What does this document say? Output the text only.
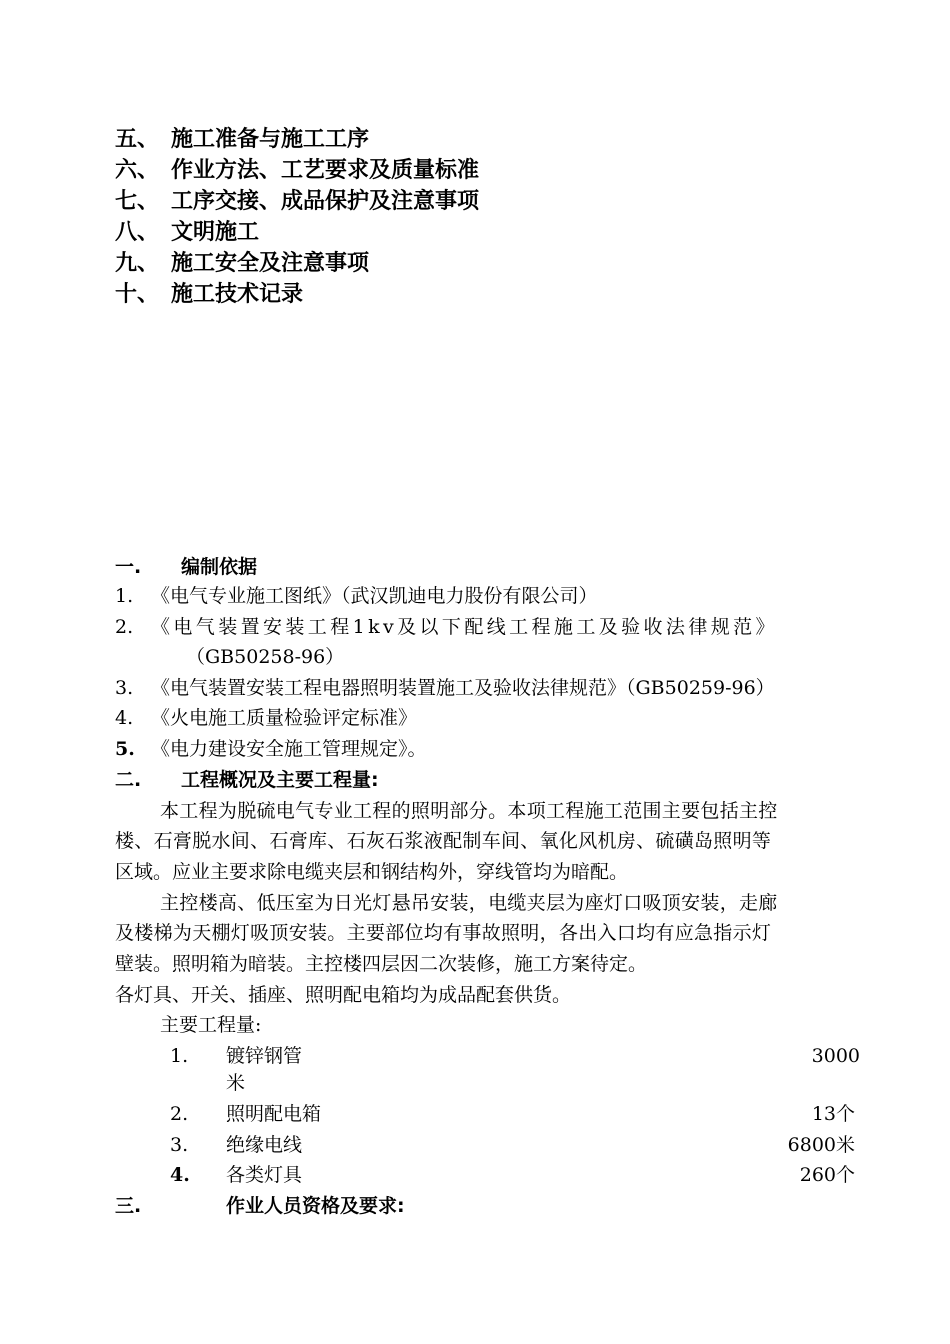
五、 施工准备与施工工序
六、 作业方法、工艺要求及质量标准
七、 工序交接、成品保护及注意事项
八、 文明施工
九、 施工安全及注意事项
十、 施工技术记录
一. 编制依据
1. 《电气专业施工图纸》（武汉凯迪电力股份有限公司）
2. 《电气装置安装工程1kv及以下配线工程施工及验收法律规范》
（GB50258-96）
3. 《电气装置安装工程电器照明装置施工及验收法律规范》（GB50259-96）
4. 《火电施工质量检验评定标准》
5. 《电力建设安全施工管理规定》。
二. 工程概况及主要工程量:
本工程为脱硫电气专业工程的照明部分。本项工程施工范围主要包括主控
楼、石膏脱水间、石膏库、石灰石浆液配制车间、氧化风机房、硫磺岛照明等
区域。应业主要求除电缆夹层和钢结构外，穿线管均为暗配。
主控楼高、低压室为日光灯悬吊安装，电缆夹层为座灯口吸顶安装，走廊
及楼梯为天棚灯吸顶安装。主要部位均有事故照明，各出入口均有应急指示灯
壁装。照明箱为暗装。主控楼四层因二次装修，施工方案待定。
各灯具、开关、插座、照明配电箱均为成品配套供货。
主要工程量:
1. 镀锌钢管	3000
米
2. 照明配电箱	13个
3. 绝缘电线	6800米
4. 各类灯具	260个
三.	作业人员资格及要求:
